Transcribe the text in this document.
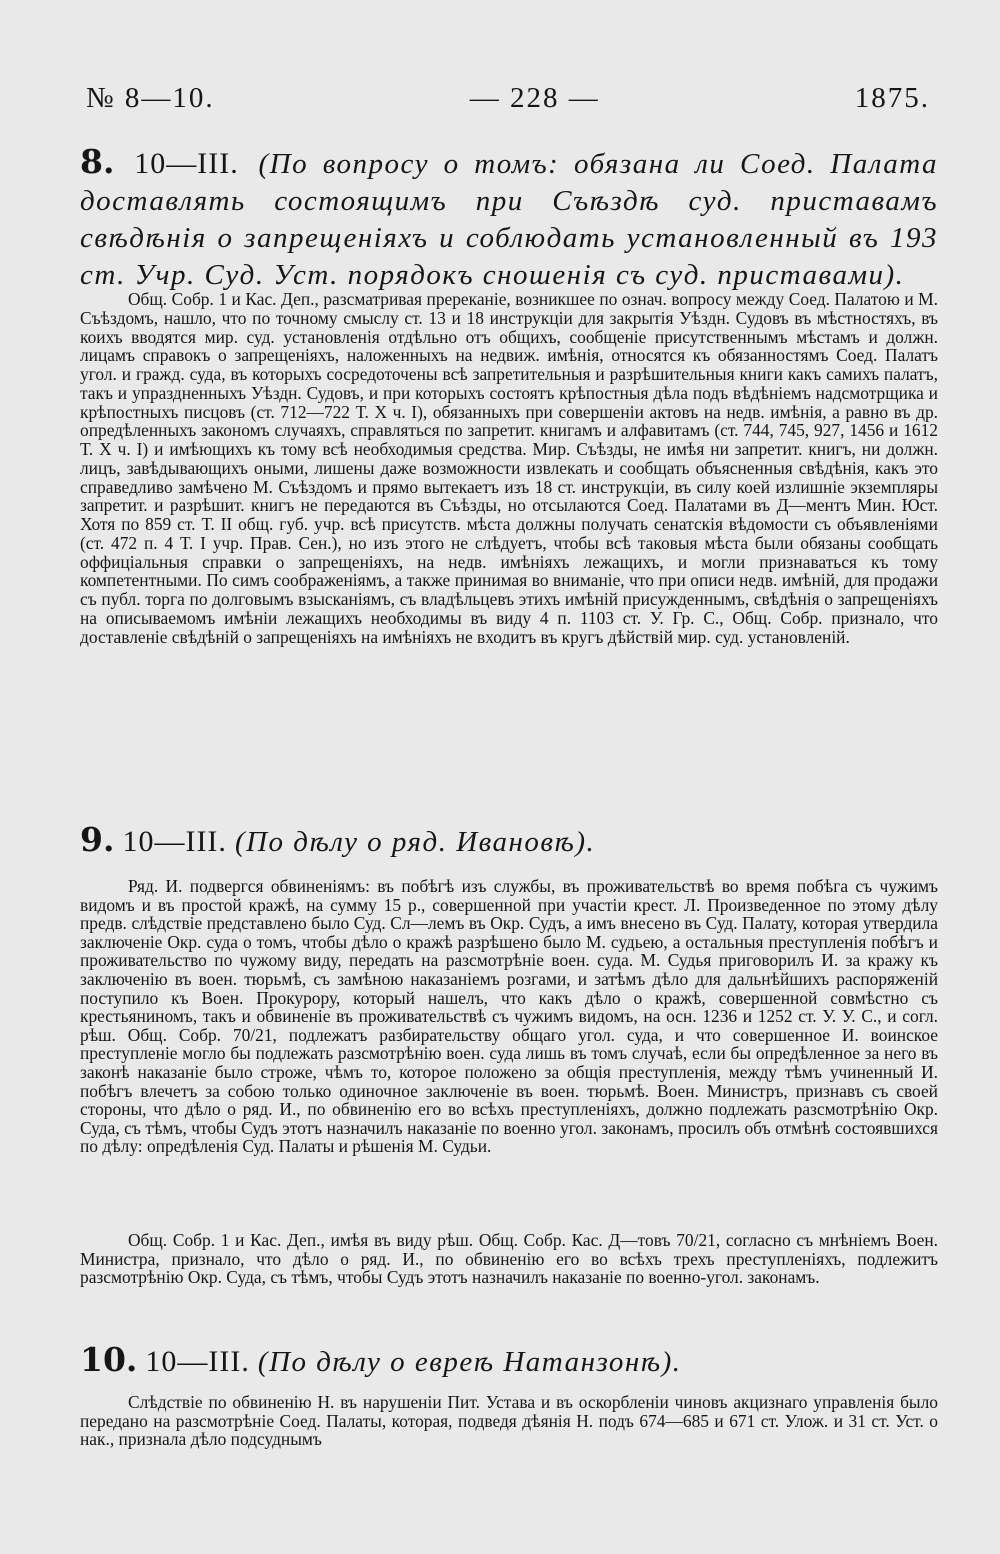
№ 8—10.	— 228 —	1875.
8. 10—III. (По вопросу о томъ: обязана ли Соед. Палата доставлять состоящимъ при Съѣздѣ суд. приставамъ свѣдѣнія о запрещеніяхъ и соблюдать установленный въ 193 ст. Учр. Суд. Уст. порядокъ сношенія съ суд. приставами).

Общ. Собр. 1 и Кас. Деп., разсматривая пререканіе, возникшее по означ. вопросу между Соед. Палатою и М. Съѣздомъ, нашло, что по точному смыслу ст. 13 и 18 инструкціи для закрытія Уѣздн. Судовъ въ мѣстностяхъ, въ коихъ вводятся мир. суд. установленія отдѣльно отъ общихъ, сообщеніе присутственнымъ мѣстамъ и должн. лицамъ справокъ о запрещеніяхъ, наложенныхъ на недвиж. имѣнія, относятся къ обязанностямъ Соед. Палатъ угол. и гражд. суда, въ которыхъ сосредоточены всѣ запретительныя и разрѣшительныя книги какъ самихъ палатъ, такъ и упраздненныхъ Уѣздн. Судовъ, и при которыхъ состоятъ крѣпостныя дѣла подъ вѣдѣніемъ надсмотрщика и крѣпостныхъ писцовъ (ст. 712—722 Т. X ч. I), обязанныхъ при совершеніи актовъ на недв. имѣнія, а равно въ др. опредѣленныхъ закономъ случаяхъ, справляться по запретит. книгамъ и алфавитамъ (ст. 744, 745, 927, 1456 и 1612 Т. X ч. I) и имѣющихъ къ тому всѣ необходимыя средства. Мир. Съѣзды, не имѣя ни запретит. книгъ, ни должн. лицъ, завѣдывающихъ оными, лишены даже возможности извлекать и сообщать объясненныя свѣдѣнія, какъ это справедливо замѣчено М. Съѣздомъ и прямо вытекаетъ изъ 18 ст. инструкціи, въ силу коей излишніе экземпляры запретит. и разрѣшит. книгъ не передаются въ Съѣзды, но отсылаются Соед. Палатами въ Д—ментъ Мин. Юст. Хотя по 859 ст. Т. II общ. губ. учр. всѣ присутств. мѣста должны получать сенатскія вѣдомости съ объявленіями (ст. 472 п. 4 Т. I учр. Прав. Сен.), но изъ этого не слѣдуетъ, чтобы всѣ таковыя мѣста были обязаны сообщать оффиціальныя справки о запрещеніяхъ, на недв. имѣніяхъ лежащихъ, и могли признаваться къ тому компетентными. По симъ соображеніямъ, а также принимая во вниманіе, что при описи недв. имѣній, для продажи съ публ. торга по долговымъ взысканіямъ, съ владѣльцевъ этихъ имѣній присужденнымъ, свѣдѣнія о запрещеніяхъ на описываемомъ имѣніи лежащихъ необходимы въ виду 4 п. 1103 ст. У. Гр. С., Общ. Собр. признало, что доставленіе свѣдѣній о запрещеніяхъ на имѣніяхъ не входитъ въ кругъ дѣйствій мир. суд. установленій.

9. 10—III. (По дѣлу о ряд. Ивановѣ).

Ряд. И. подвергся обвиненіямъ: въ побѣгѣ изъ службы, въ проживательствѣ во время побѣга съ чужимъ видомъ и въ простой кражѣ, на сумму 15 р., совершенной при участіи крест. Л. Произведенное по этому дѣлу предв. слѣдствіе представлено было Суд. Сл—лемъ въ Окр. Судъ, а имъ внесено въ Суд. Палату, которая утвердила заключеніе Окр. суда о томъ, чтобы дѣло о кражѣ разрѣшено было М. судьею, а остальныя преступленія побѣгъ и проживательство по чужому виду, передать на разсмотрѣніе воен. суда. М. Судья приговорилъ И. за кражу къ заключенію въ воен. тюрьмѣ, съ замѣною наказаніемъ розгами, и затѣмъ дѣло для дальнѣйшихъ распоряженій поступило къ Воен. Прокурору, который нашелъ, что какъ дѣло о кражѣ, совершенной совмѣстно съ крестьяниномъ, такъ и обвиненіе въ проживательствѣ съ чужимъ видомъ, на осн. 1236 и 1252 ст. У. У. С., и согл. рѣш. Общ. Собр. 70/21, подлежатъ разбирательству общаго угол. суда, и что совершенное И. воинское преступленіе могло бы подлежать разсмотрѣнію воен. суда лишь въ томъ случаѣ, если бы опредѣленное за него въ законѣ наказаніе было строже, чѣмъ то, которое положено за общія преступленія, между тѣмъ учиненный И. побѣгъ влечетъ за собою только одиночное заключеніе въ воен. тюрьмѣ. Воен. Министръ, признавъ съ своей стороны, что дѣло о ряд. И., по обвиненію его во всѣхъ преступленіяхъ, должно подлежать разсмотрѣнію Окр. Суда, съ тѣмъ, чтобы Судъ этотъ назначилъ наказаніе по военно угол. законамъ, просилъ объ отмѣнѣ состоявшихся по дѣлу: опредѣленія Суд. Палаты и рѣшенія М. Судьи.

Общ. Собр. 1 и Кас. Деп., имѣя въ виду рѣш. Общ. Собр. Кас. Д—товъ 70/21, согласно съ мнѣніемъ Воен. Министра, признало, что дѣло о ряд. И., по обвиненію его во всѣхъ трехъ преступленіяхъ, подлежитъ разсмотрѣнію Окр. Суда, съ тѣмъ, чтобы Судъ этотъ назначилъ наказаніе по военно-угол. законамъ.

10. 10—III. (По дѣлу о евреѣ Натанзонѣ).

Слѣдствіе по обвиненію Н. въ нарушеніи Пит. Устава и въ оскорбленіи чиновъ акцизнаго управленія было передано на разсмотрѣніе Соед. Палаты, которая, подведя дѣянія Н. подъ 674—685 и 671 ст. Улож. и 31 ст. Уст. о нак., признала дѣло подсуднымъ
